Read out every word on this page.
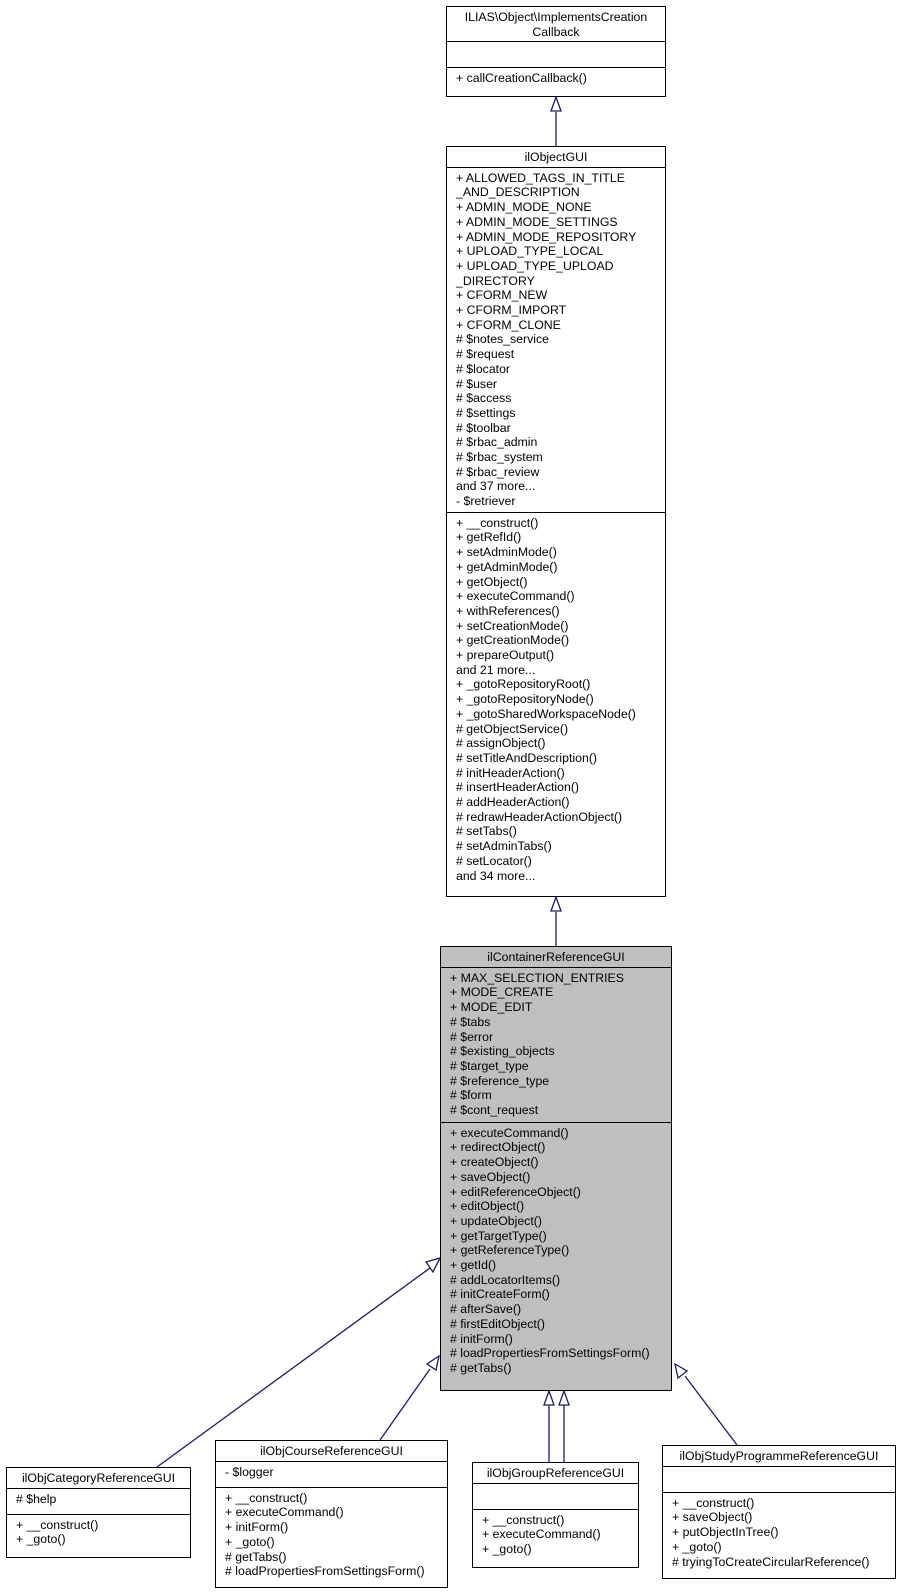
ILIAS\Object\ImplementsCreation
Callback
+ callCreationCallback()
ilObjectGUI
+ ALLOWED_TAGS_IN_TITLE
_AND_DESCRIPTION
+ ADMIN_MODE_NONE
+ ADMIN_MODE_SETTINGS
+ ADMIN_MODE_REPOSITORY
+ UPLOAD_TYPE_LOCAL
+ UPLOAD_TYPE_UPLOAD
_DIRECTORY
+ CFORM_NEW
+ CFORM_IMPORT
+ CFORM_CLONE
# $notes_service
# $request
# $locator
# $user
# $access
# $settings
# $toolbar
# $rbac_admin
# $rbac_system
# $rbac_review
and 37 more...
- $retriever
+ __construct()
+ getRefId()
+ setAdminMode()
+ getAdminMode()
+ getObject()
+ executeCommand()
+ withReferences()
+ setCreationMode()
+ getCreationMode()
+ prepareOutput()
and 21 more...
+ _gotoRepositoryRoot()
+ _gotoRepositoryNode()
+ _gotoSharedWorkspaceNode()
# getObjectService()
# assignObject()
# setTitleAndDescription()
# initHeaderAction()
# insertHeaderAction()
# addHeaderAction()
# redrawHeaderActionObject()
# setTabs()
# setAdminTabs()
# setLocator()
and 34 more...
ilContainerReferenceGUI
+ MAX_SELECTION_ENTRIES
+ MODE_CREATE
+ MODE_EDIT
# $tabs
# $error
# $existing_objects
# $target_type
# $reference_type
# $form
# $cont_request
+ executeCommand()
+ redirectObject()
+ createObject()
+ saveObject()
+ editReferenceObject()
+ editObject()
+ updateObject()
+ getTargetType()
+ getReferenceType()
+ getId()
# addLocatorItems()
# initCreateForm()
# afterSave()
# firstEditObject()
# initForm()
# loadPropertiesFromSettingsForm()
# getTabs()
ilObjCategoryReferenceGUI
# $help
+ __construct()
+ _goto()
ilObjCourseReferenceGUI
- $logger
+ __construct()
+ executeCommand()
+ initForm()
+ _goto()
# getTabs()
# loadPropertiesFromSettingsForm()
ilObjGroupReferenceGUI
+ __construct()
+ executeCommand()
+ _goto()
ilObjStudyProgrammeReferenceGUI
+ __construct()
+ saveObject()
+ putObjectInTree()
+ _goto()
# tryingToCreateCircularReference()
